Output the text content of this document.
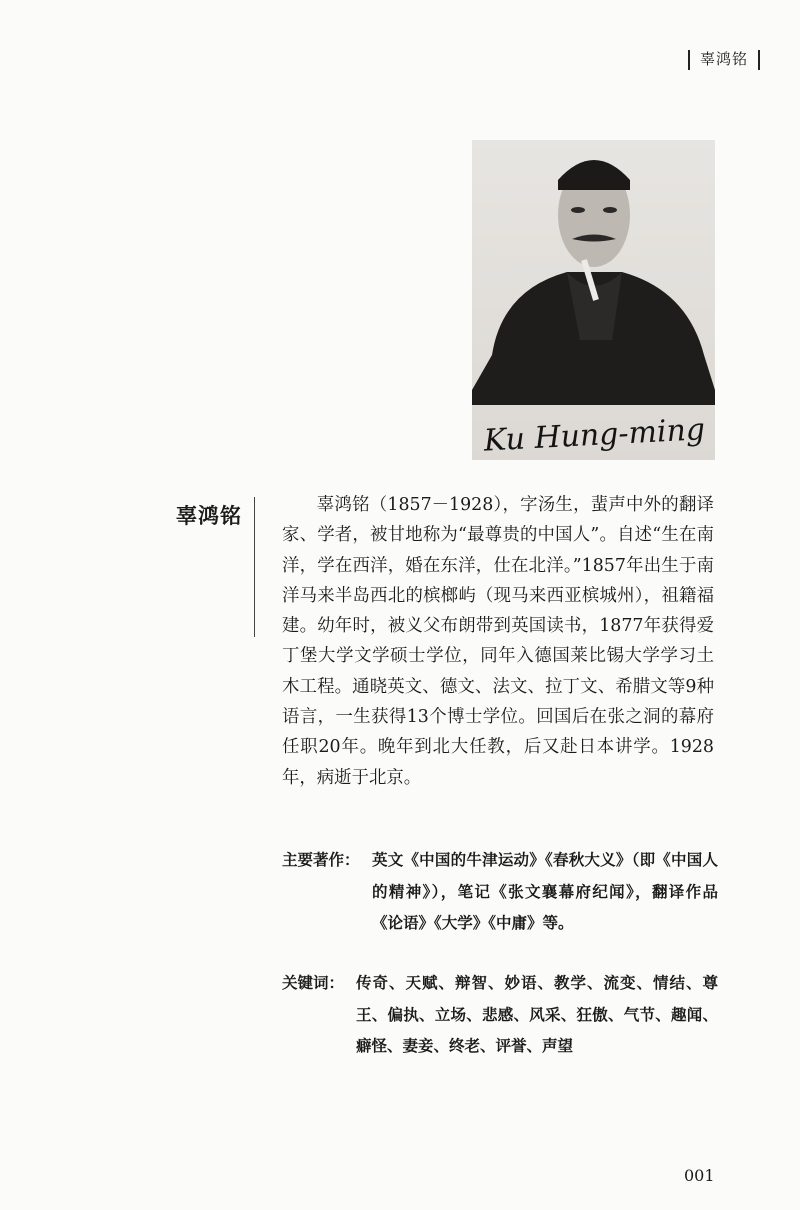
辜鸿铭
Ku Hung-ming
辜鸿铭	辜鸿铭（1857－1928），字汤生，蜚声中外的翻译家、学者，被甘地称为“最尊贵的中国人”。自述“生在南洋，学在西洋，婚在东洋，仕在北洋。”1857年出生于南洋马来半岛西北的槟榔屿（现马来西亚槟城州），祖籍福建。幼年时，被义父布朗带到英国读书，1877年获得爱丁堡大学文学硕士学位，同年入德国莱比锡大学学习土木工程。通晓英文、德文、法文、拉丁文、希腊文等9种语言，一生获得13个博士学位。回国后在张之洞的幕府任职20年。晚年到北大任教，后又赴日本讲学。1928年，病逝于北京。

主要著作： 英文《中国的牛津运动》《春秋大义》（即《中国人的精神》），笔记《张文襄幕府纪闻》，翻译作品《论语》《大学》《中庸》等。

关键词： 传奇、天赋、辩智、妙语、教学、流变、情结、尊王、偏执、立场、悲感、风采、狂傲、气节、趣闻、癖怪、妻妾、终老、评誉、声望

001
